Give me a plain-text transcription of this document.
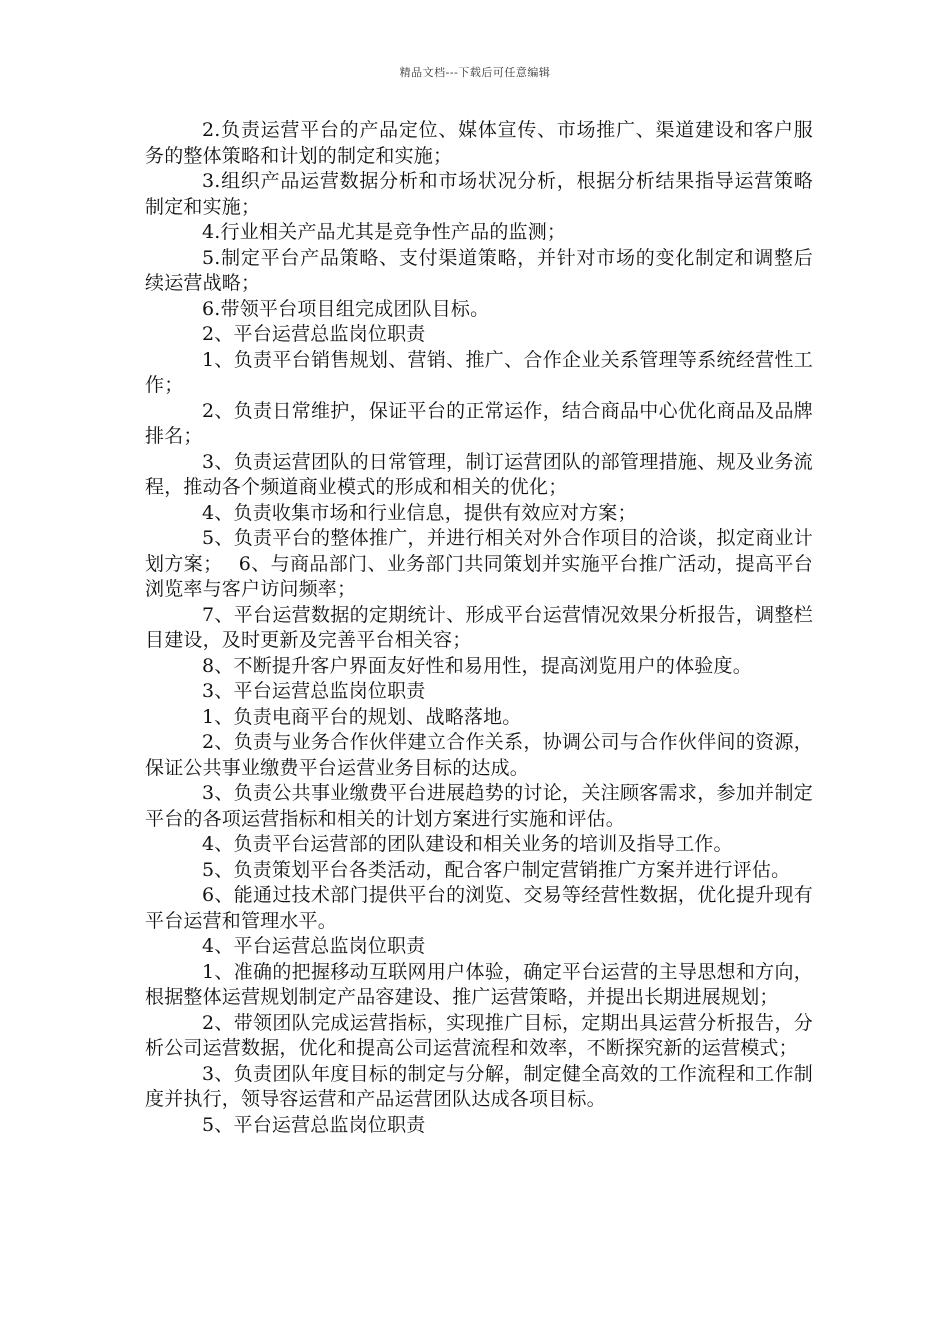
精品文档---下载后可任意编辑

2.负责运营平台的产品定位、媒体宣传、市场推广、渠道建设和客户服务的整体策略和计划的制定和实施；

3.组织产品运营数据分析和市场状况分析，根据分析结果指导运营策略制定和实施；

4.行业相关产品尤其是竞争性产品的监测；

5.制定平台产品策略、支付渠道策略，并针对市场的变化制定和调整后续运营战略；

6.带领平台项目组完成团队目标。

2、平台运营总监岗位职责

1、负责平台销售规划、营销、推广、合作企业关系管理等系统经营性工作；

2、负责日常维护，保证平台的正常运作，结合商品中心优化商品及品牌排名；

3、负责运营团队的日常管理，制订运营团队的部管理措施、规及业务流程，推动各个频道商业模式的形成和相关的优化；

4、负责收集市场和行业信息，提供有效应对方案；

5、负责平台的整体推广，并进行相关对外合作项目的洽谈，拟定商业计划方案；　 6、与商品部门、业务部门共同策划并实施平台推广活动，提高平台浏览率与客户访问频率；

7、平台运营数据的定期统计、形成平台运营情况效果分析报告，调整栏目建设，及时更新及完善平台相关容；

8、不断提升客户界面友好性和易用性，提高浏览用户的体验度。

3、平台运营总监岗位职责

1、负责电商平台的规划、战略落地。

2、负责与业务合作伙伴建立合作关系，协调公司与合作伙伴间的资源，保证公共事业缴费平台运营业务目标的达成。

3、负责公共事业缴费平台进展趋势的讨论，关注顾客需求，参加并制定平台的各项运营指标和相关的计划方案进行实施和评估。

4、负责平台运营部的团队建设和相关业务的培训及指导工作。

5、负责策划平台各类活动，配合客户制定营销推广方案并进行评估。

6、能通过技术部门提供平台的浏览、交易等经营性数据，优化提升现有平台运营和管理水平。

4、平台运营总监岗位职责

1、准确的把握移动互联网用户体验，确定平台运营的主导思想和方向，根据整体运营规划制定产品容建设、推广运营策略，并提出长期进展规划；

2、带领团队完成运营指标，实现推广目标，定期出具运营分析报告，分析公司运营数据，优化和提高公司运营流程和效率，不断探究新的运营模式；

3、负责团队年度目标的制定与分解，制定健全高效的工作流程和工作制度并执行，领导容运营和产品运营团队达成各项目标。

5、平台运营总监岗位职责
